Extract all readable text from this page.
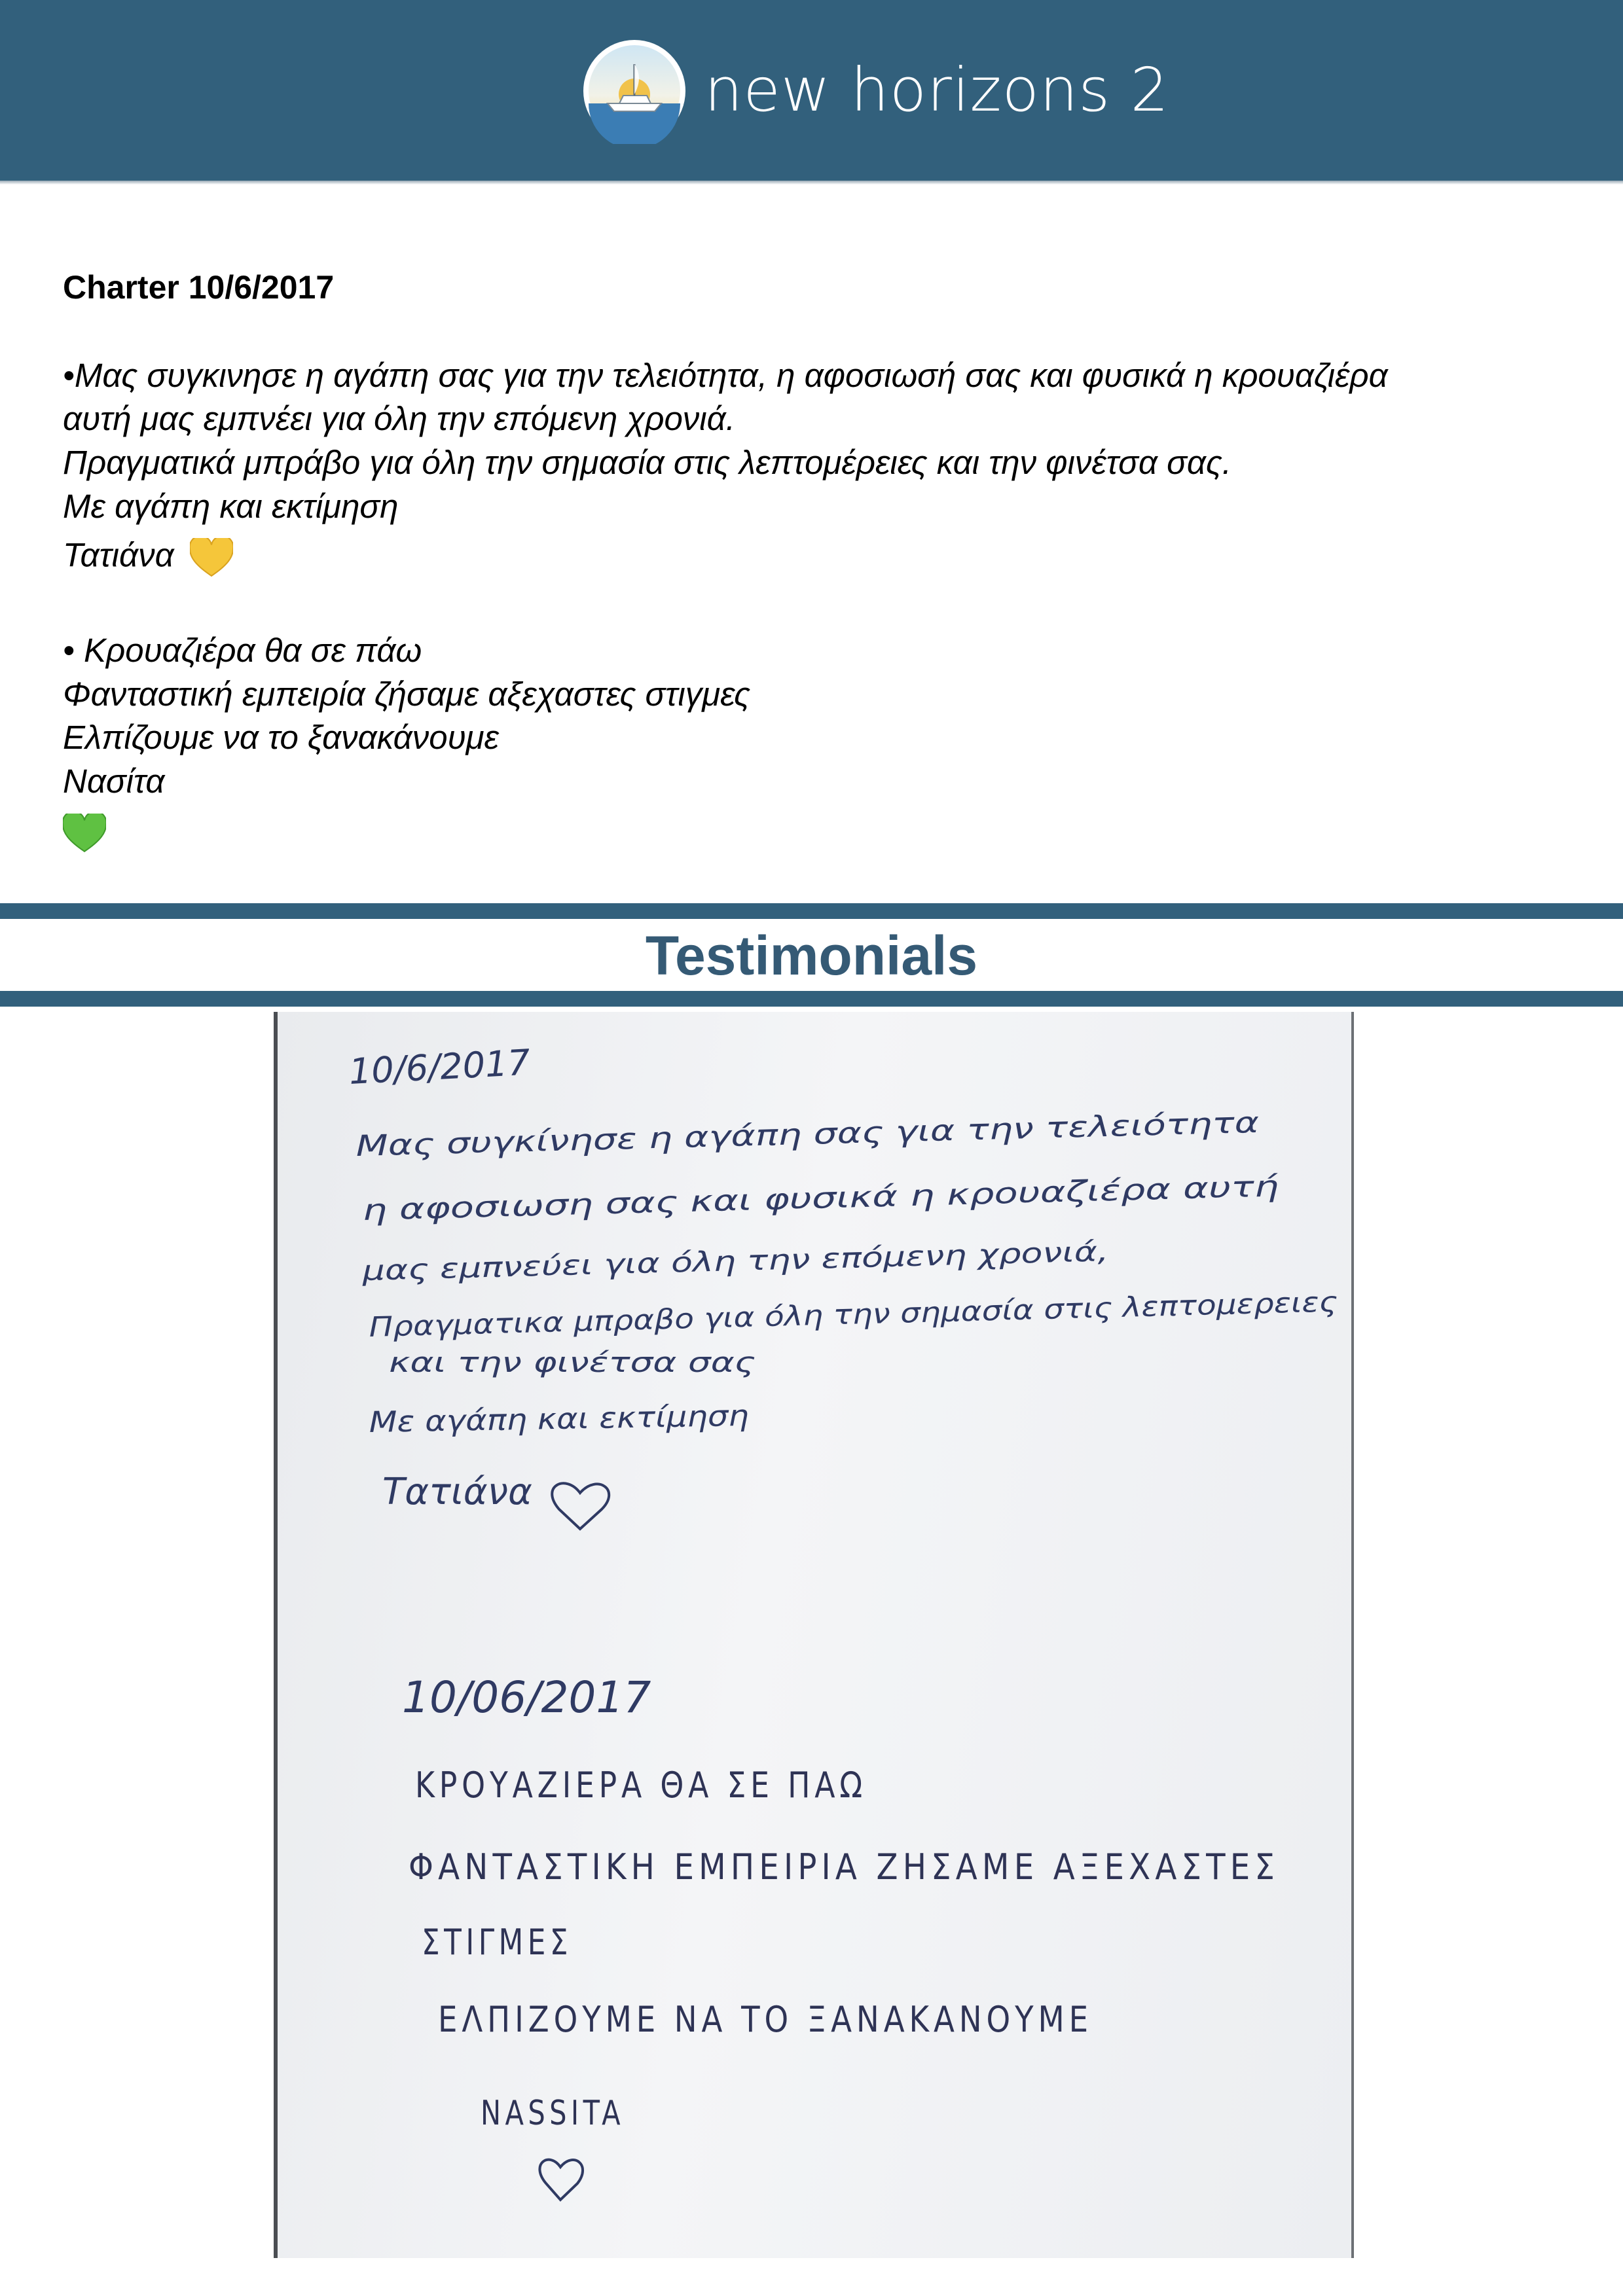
new horizons 2
Charter 10/6/2017
•Μας συγκινησε η αγάπη σας για την τελειότητα, η αφοσιωσή σας και φυσικά η κρουαζιέρα
αυτή μας εμπνέει για όλη την επόμενη χρονιά.
Πραγματικά μπράβο για όλη την σημασία στις λεπτομέρειες και την φινέτσα σας.
Με αγάπη και εκτίμηση
Τατιάνα
• Κρουαζιέρα θα σε πάω
Φανταστική εμπειρία ζήσαμε αξεχαστες στιγμες
Ελπίζουμε να το ξανακάνουμε
Νασίτα
Testimonials
10/6/2017
Μας συγκίνησε η αγάπη σας για την τελειότητα
η αφοσιωση σας και φυσικά η κρουαζιέρα αυτή
μας εμπνεύει για όλη την επόμενη χρονιά,
Πραγματικα μπραβο για όλη την σημασία στις λεπτομερειες
και την φινέτσα σας
Με αγάπη και εκτίμηση
Τατιάνα
10/06/2017
ΚΡΟΥΑΖΙΕΡΑ ΘΑ ΣΕ ΠΑΩ
ΦΑΝΤΑΣΤΙΚΗ ΕΜΠΕΙΡΙΑ ΖΗΣΑΜΕ ΑΞΕΧΑΣΤΕΣ
ΣΤΙΓΜΕΣ
ΕΛΠΙΖΟΥΜΕ ΝΑ ΤΟ ΞΑΝΑΚΑΝΟΥΜΕ
NASSITA
